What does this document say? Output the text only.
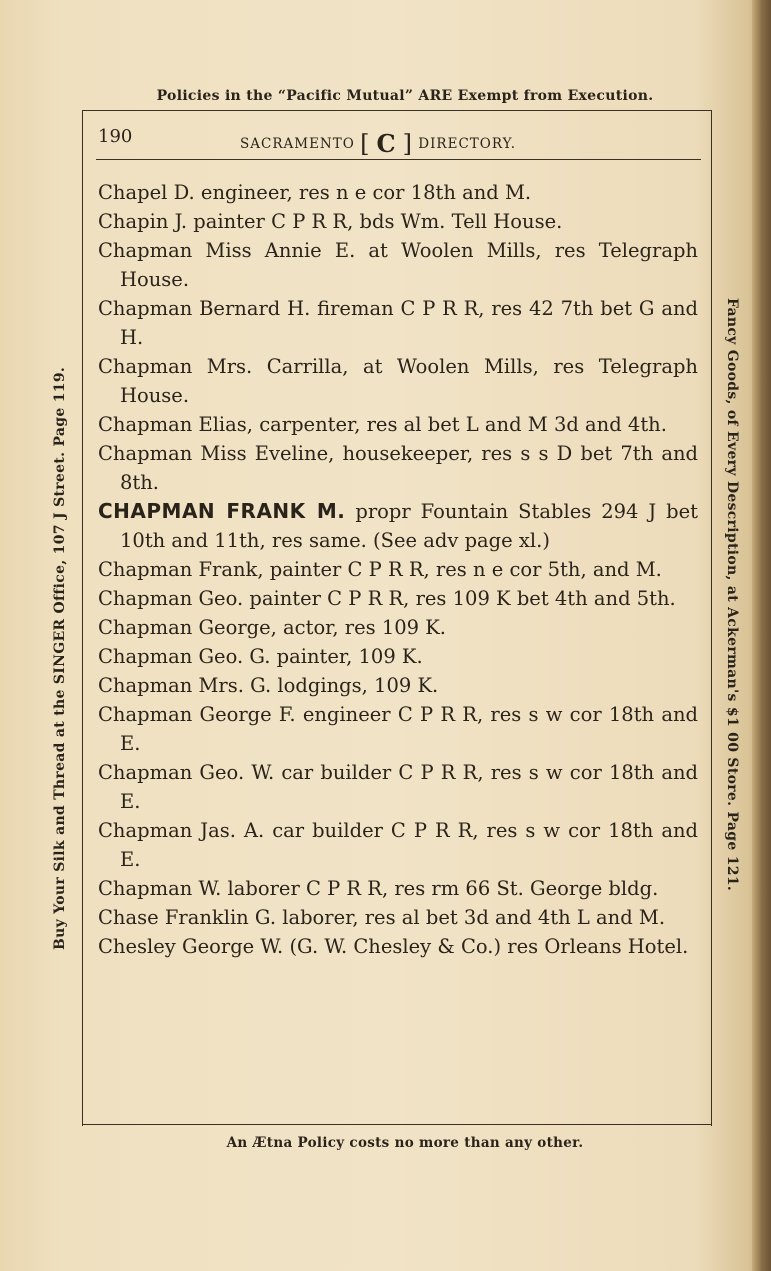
Policies in the “Pacific Mutual” ARE Exempt from Execution.
190	SACRAMENTO [ C ] DIRECTORY.
Chapel D. engineer, res n e cor 18th and M.
Chapin J. painter C P R R, bds Wm. Tell House.
Chapman Miss Annie E. at Woolen Mills, res Telegraph House.
Chapman Bernard H. fireman C P R R, res 42 7th bet G and H.
Chapman Mrs. Carrilla, at Woolen Mills, res Telegraph House.
Chapman Elias, carpenter, res al bet L and M 3d and 4th.
Chapman Miss Eveline, housekeeper, res s s D bet 7th and 8th.
CHAPMAN FRANK M. propr Fountain Stables 294 J bet 10th and 11th, res same. (See adv page xl.)
Chapman Frank, painter C P R R, res n e cor 5th, and M.
Chapman Geo. painter C P R R, res 109 K bet 4th and 5th.
Chapman George, actor, res 109 K.
Chapman Geo. G. painter, 109 K.
Chapman Mrs. G. lodgings, 109 K.
Chapman George F. engineer C P R R, res s w cor 18th and E.
Chapman Geo. W. car builder C P R R, res s w cor 18th and E.
Chapman Jas. A. car builder C P R R, res s w cor 18th and E.
Chapman W. laborer C P R R, res rm 66 St. George bldg.
Chase Franklin G. laborer, res al bet 3d and 4th L and M.
Chesley George W. (G. W. Chesley & Co.) res Orleans Hotel.
An Ætna Policy costs no more than any other.
Buy Your Silk and Thread at the SINGER Office, 107 J Street. Page 119.	Fancy Goods, of Every Description, at Ackerman's $1 00 Store. Page 121.
